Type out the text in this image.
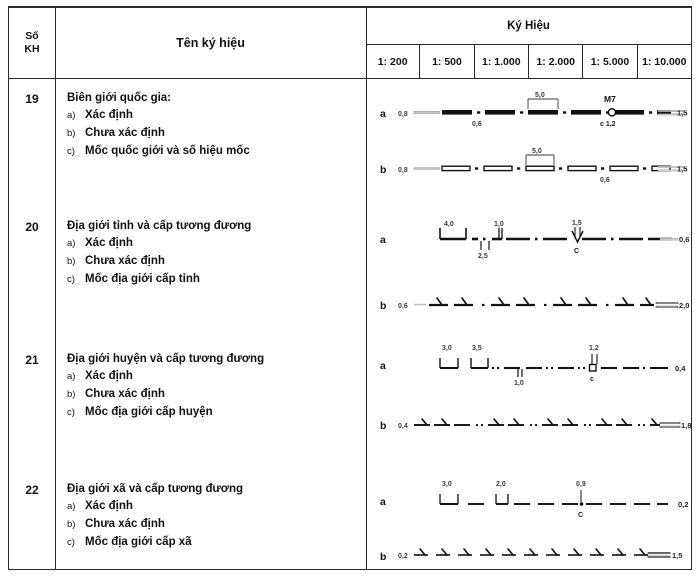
Số
KH	Tên ký hiệu
Ký Hiệu
1: 200	1: 500	1: 1.000	1: 2.000	1: 5.000	1: 10.000
19	Biên giới quốc gia:

a) Xác định
b) Chưa xác định
c) Mốc quốc giới và số hiệu mốc
a 0,8	1,5
5,0
0,6
M7
c 1,2
b 0,8	1,5
5,0
0,6
20	Địa giới tỉnh và cấp tương đương

a) Xác định
b) Chưa xác định
c) Mốc địa giới cấp tỉnh
a
4,0	1,0
2,5
1,5
C
0,6
b 0,6	2,0
21	Địa giới huyện và cấp tương đương

a) Xác định
b) Chưa xác định
c) Mốc địa giới cấp huyện
a
3,0	3,5
1,0
1,2
c
0,4
b 0,4	1,8
22	Địa giới xã và cấp tương đương

a) Xác định
b) Chưa xác định
c) Mốc địa giới cấp xã
a
3,0	2,0	0,9
C
0,2
b 0,2	1,5
